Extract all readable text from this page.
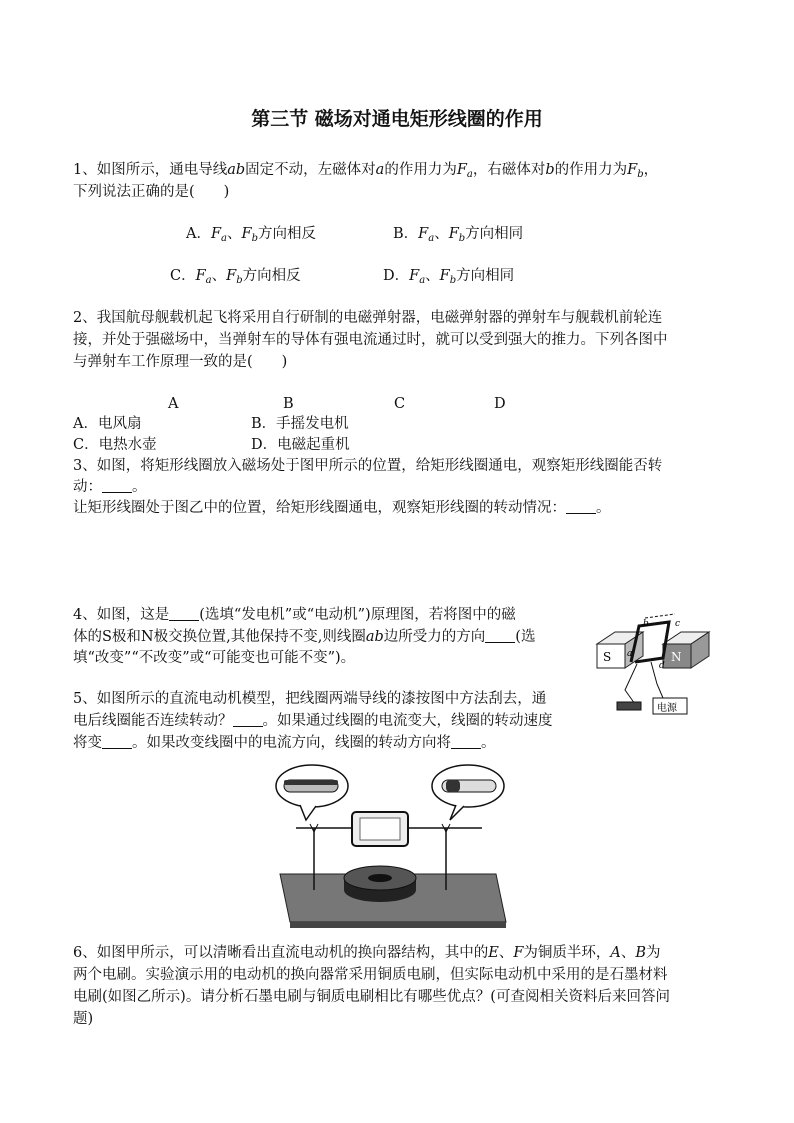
第三节 磁场对通电矩形线圈的作用
1、如图所示，通电导线ab固定不动，左磁体对a的作用力为$F_a$，右磁体对b的作用力为$F_b$，
下列说法正确的是(　　)
A．$F_a$、$F_b$方向相反	B．$F_a$、$F_b$方向相同
C．$F_a$、$F_b$方向相反	D．$F_a$、$F_b$方向相同
2、我国航母舰载机起飞将采用自行研制的电磁弹射器，电磁弹射器的弹射车与舰载机前轮连
接，并处于强磁场中，当弹射车的导体有强电流通过时，就可以受到强大的推力。下列各图中
与弹射车工作原理一致的是(　　)
A	B	C	D
A．电风扇	B．手摇发电机
C．电热水壶	D．电磁起重机
3、如图，将矩形线圈放入磁场处于图甲所示的位置，给矩形线圈通电，观察矩形线圈能否转
动： 。
让矩形线圈处于图乙中的位置，给矩形线圈通电，观察矩形线圈的转动情况： 。
4、如图，这是 (选填“发电机”或“电动机”)原理图，若将图中的磁
体的S极和N极交换位置,其他保持不变,则线圈ab边所受力的方向 (选
填“改变”“不改变”或“可能变也可能不变”)。	S	N
b	c
a
d
电源
5、如图所示的直流电动机模型，把线圈两端导线的漆按图中方法刮去，通
电后线圈能否连续转动？ 。如果通过线圈的电流变大，线圈的转动速度
将变 。如果改变线圈中的电流方向，线圈的转动方向将 。
6、如图甲所示，可以清晰看出直流电动机的换向器结构，其中的E、F为铜质半环，A、B为
两个电刷。实验演示用的电动机的换向器常采用铜质电刷，但实际电动机中采用的是石墨材料
电刷(如图乙所示)。请分析石墨电刷与铜质电刷相比有哪些优点？(可查阅相关资料后来回答问
题)
